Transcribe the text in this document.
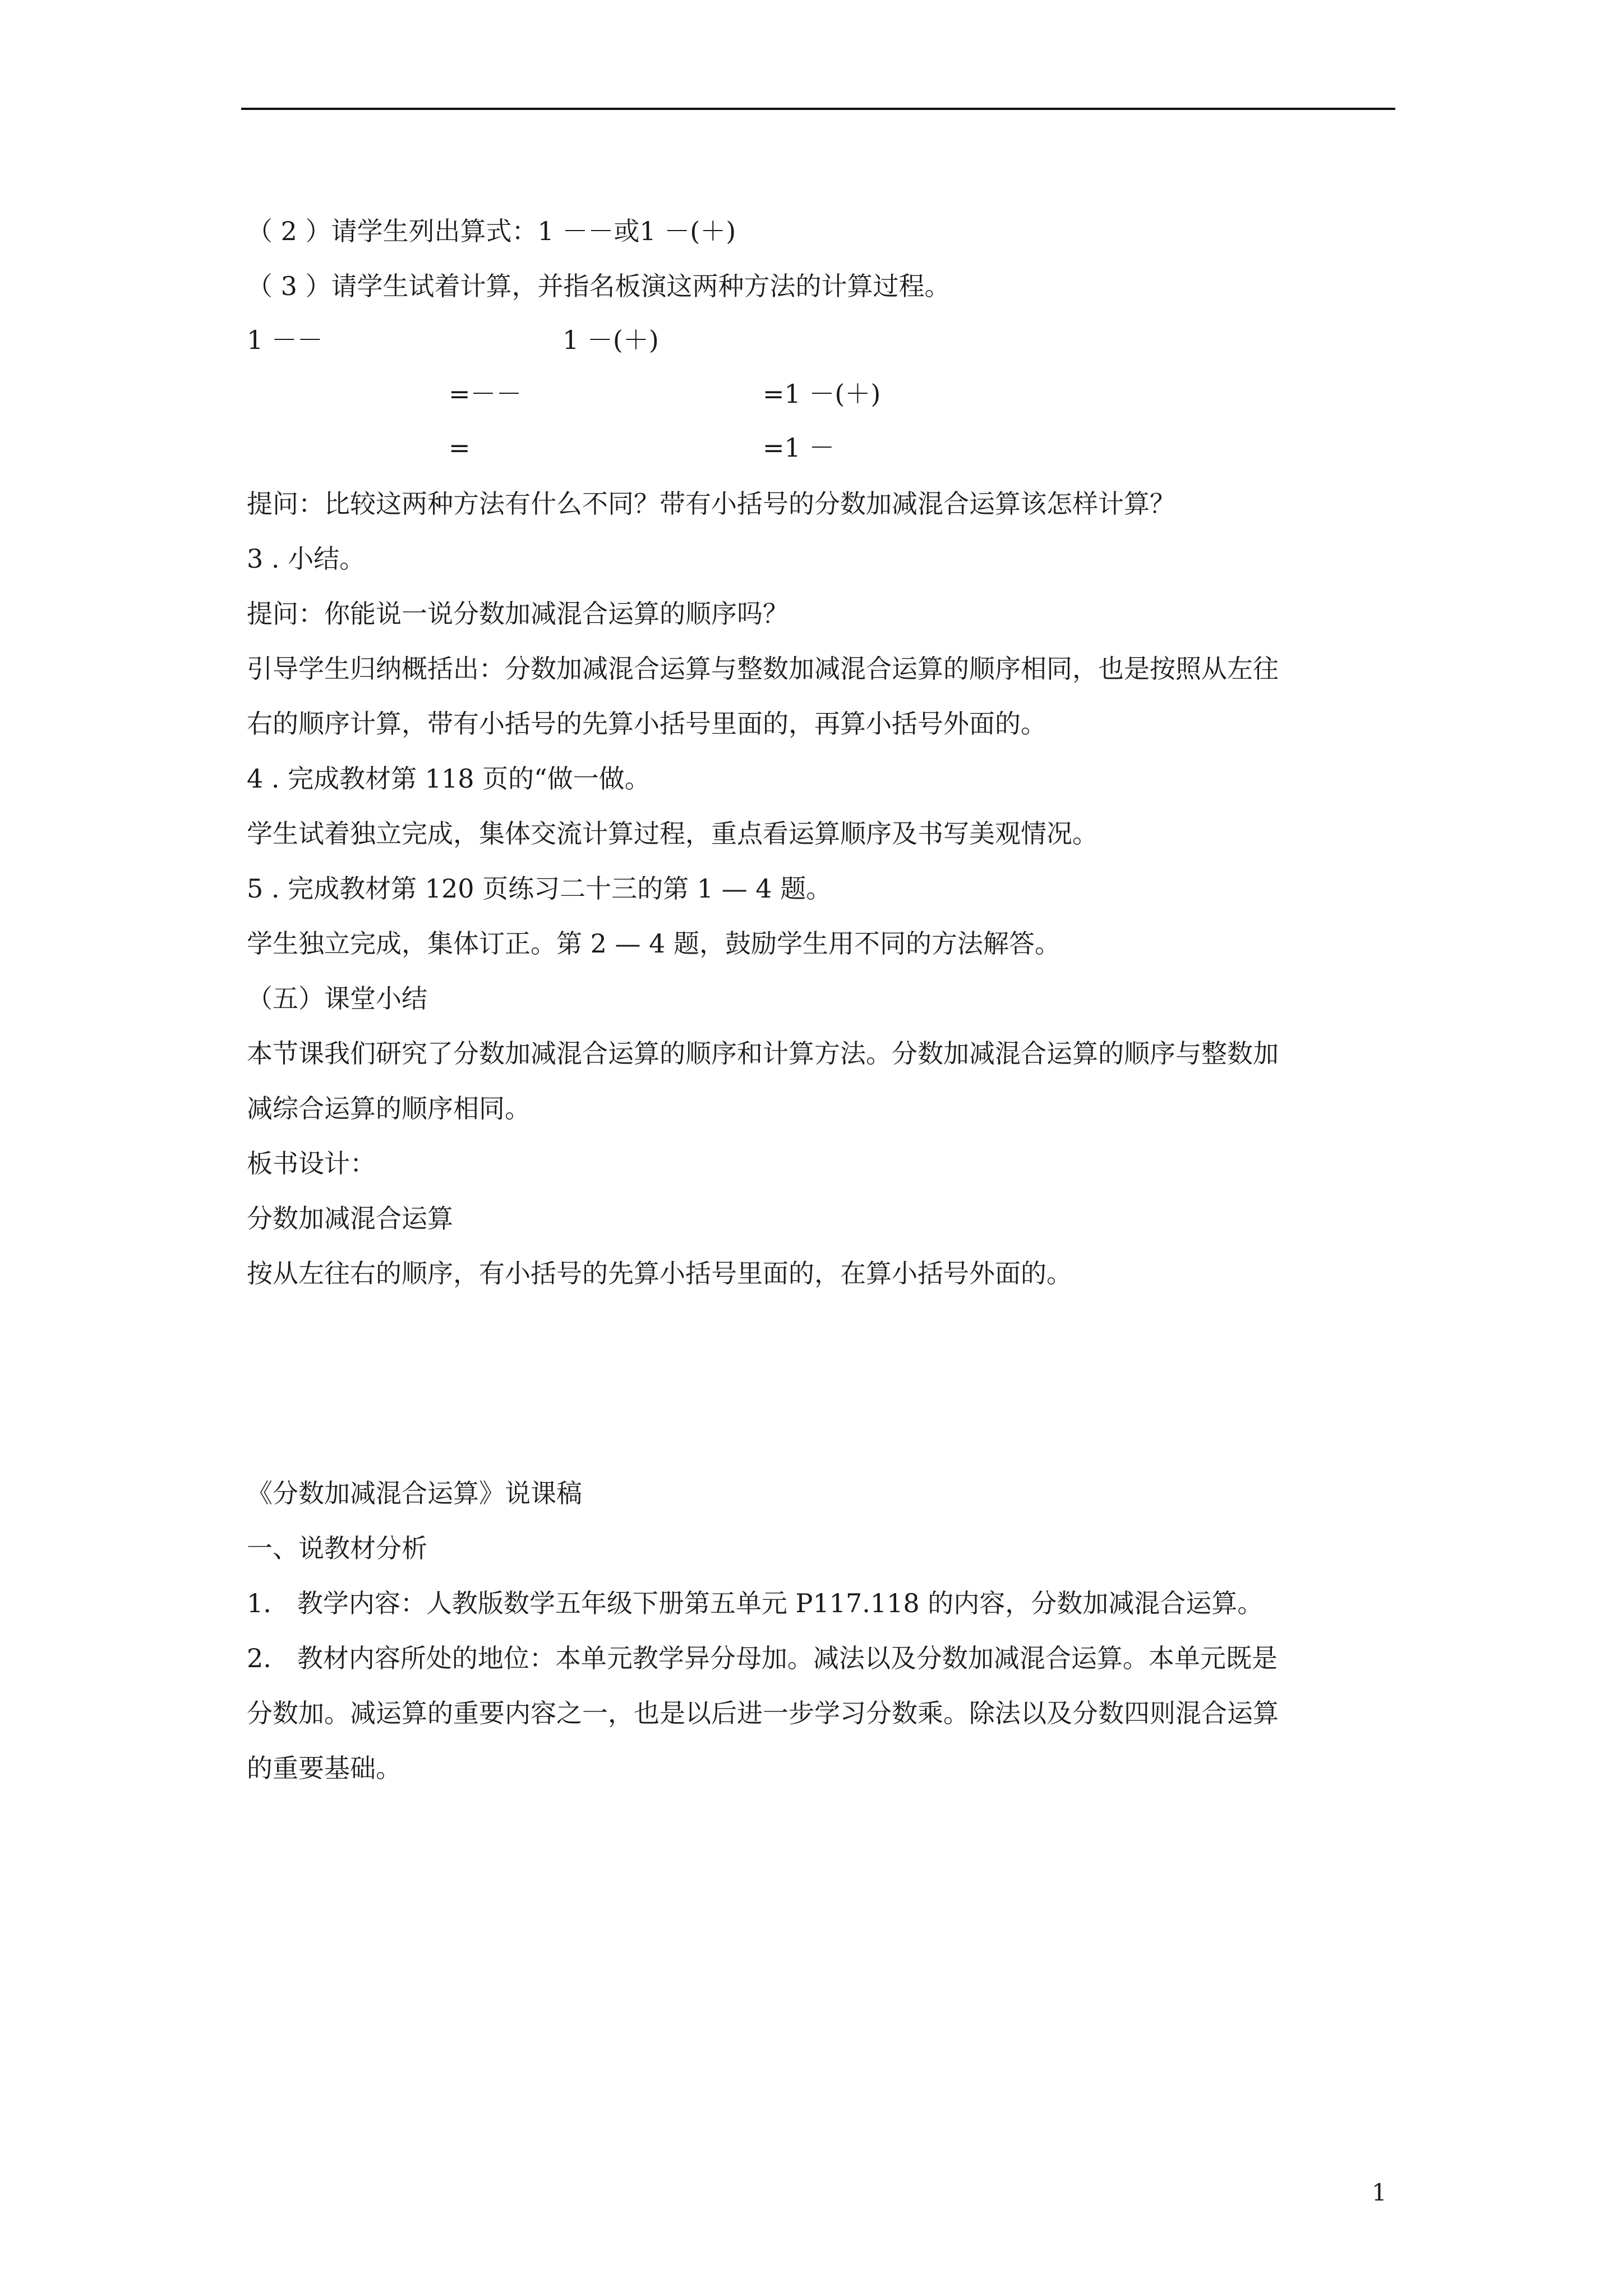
（ 2 ）请学生列出算式：1 －－或1 －(＋)
（ 3 ）请学生试着计算，并指名板演这两种方法的计算过程。
1 －－	1 －(＋)
=－－	=1 －(＋)
=	=1 －
提问：比较这两种方法有什么不同？带有小括号的分数加减混合运算该怎样计算？
3 . 小结。
提问：你能说一说分数加减混合运算的顺序吗？
引导学生归纳概括出：分数加减混合运算与整数加减混合运算的顺序相同，也是按照从左往
右的顺序计算，带有小括号的先算小括号里面的，再算小括号外面的。
4 . 完成教材第 118 页的“做一做。
学生试着独立完成，集体交流计算过程，重点看运算顺序及书写美观情况。
5 . 完成教材第 120 页练习二十三的第 1 — 4 题。
学生独立完成，集体订正。第 2 — 4 题，鼓励学生用不同的方法解答。
（五）课堂小结
本节课我们研究了分数加减混合运算的顺序和计算方法。分数加减混合运算的顺序与整数加
减综合运算的顺序相同。
板书设计：
分数加减混合运算
按从左往右的顺序，有小括号的先算小括号里面的，在算小括号外面的。
《分数加减混合运算》说课稿
一、说教材分析
1.　教学内容：人教版数学五年级下册第五单元 P117.118 的内容，分数加减混合运算。
2.　教材内容所处的地位：本单元教学异分母加。减法以及分数加减混合运算。本单元既是
分数加。减运算的重要内容之一，也是以后进一步学习分数乘。除法以及分数四则混合运算
的重要基础。
1
